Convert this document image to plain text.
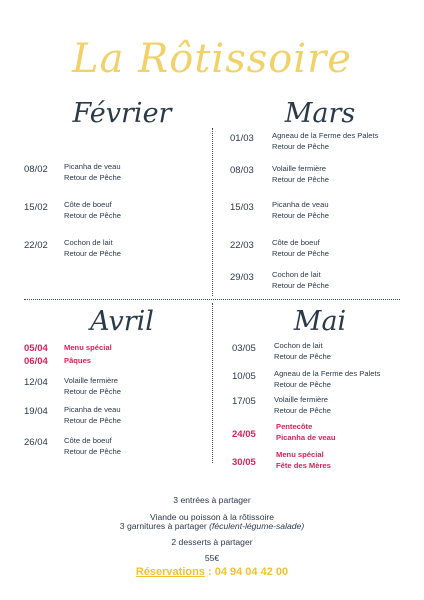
La Rôtissoire
Février
08/02 Picanha de veau
Retour de Pêche
15/02 Côte de boeuf
Retour de Pêche
22/02 Cochon de lait
Retour de Pêche
Mars
01/03 Agneau de la Ferme des Palets
Retour de Pêche
08/03 Volaille fermière
Retour de Pêche
15/03 Picanha de veau
Retour de Pêche
22/03 Côte de boeuf
Retour de Pêche
29/03 Cochon de lait
Retour de Pêche
Avril
05/04
06/04
Menu spécial
Pâques
12/04 Volaille fermière
Retour de Pêche
19/04 Picanha de veau
Retour de Pêche
26/04 Côte de boeuf
Retour de Pêche
Mai
03/05 Cochon de lait
Retour de Pêche
10/05 Agneau de la Ferme des Palets
Retour de Pêche
17/05 Volaille fermière
Retour de Pêche
24/05
Pentecôte
Picanha de veau
30/05
Menu spécial
Fête des Mères
3 entrées à partager
Viande ou poisson à la rôtissoire
3 garnitures à partager (féculent-légume-salade)
2 desserts à partager
55€
Réservations : 04 94 04 42 00
